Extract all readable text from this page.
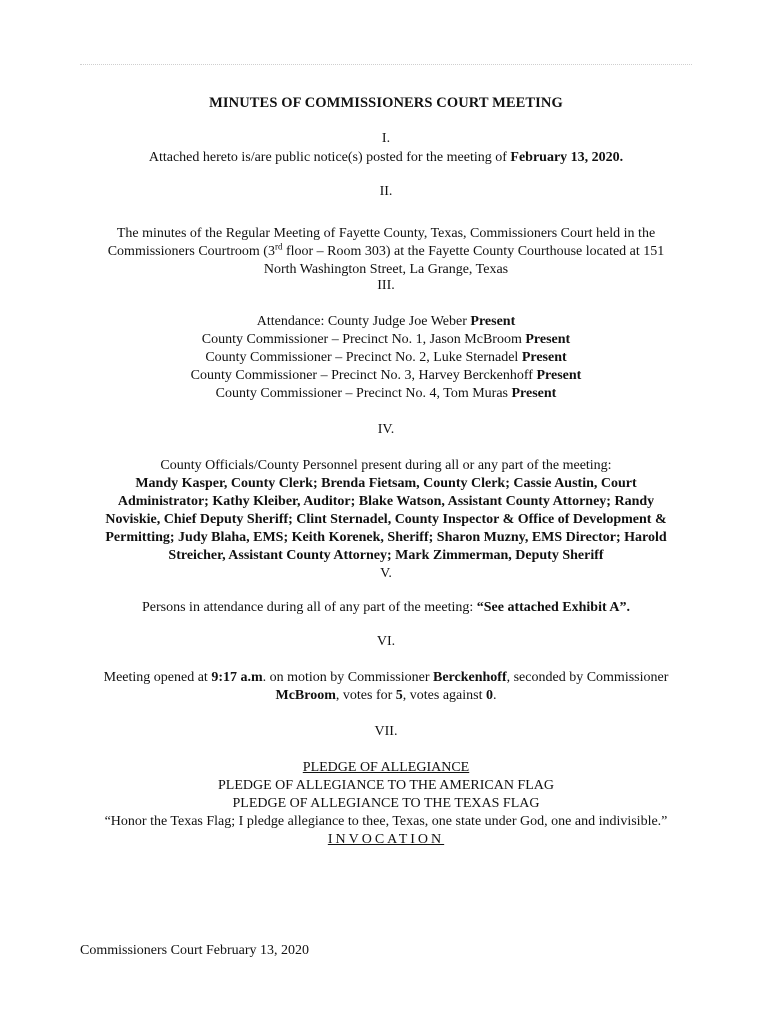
MINUTES OF COMMISSIONERS COURT MEETING

I.

Attached hereto is/are public notice(s) posted for the meeting of February 13, 2020.

II.

The minutes of the Regular Meeting of Fayette County, Texas, Commissioners Court held in the
Commissioners Courtroom (3rd floor – Room 303) at the Fayette County Courthouse located at 151
North Washington Street, La Grange, Texas

III.

Attendance: County Judge Joe Weber Present
County Commissioner – Precinct No. 1, Jason McBroom Present
County Commissioner – Precinct No. 2, Luke Sternadel Present
County Commissioner – Precinct No. 3, Harvey Berckenhoff Present
County Commissioner – Precinct No. 4, Tom Muras Present

IV.

County Officials/County Personnel present during all or any part of the meeting:

Mandy Kasper, County Clerk; Brenda Fietsam, County Clerk; Cassie Austin, Court
Administrator; Kathy Kleiber, Auditor; Blake Watson, Assistant County Attorney; Randy
Noviskie, Chief Deputy Sheriff; Clint Sternadel, County Inspector & Office of Development &
Permitting; Judy Blaha, EMS; Keith Korenek, Sheriff; Sharon Muzny, EMS Director; Harold
Streicher, Assistant County Attorney; Mark Zimmerman, Deputy Sheriff

V.

Persons in attendance during all of any part of the meeting: “See attached Exhibit A”.

VI.

Meeting opened at 9:17 a.m. on motion by Commissioner Berckenhoff, seconded by Commissioner
McBroom, votes for 5, votes against 0.

VII.

PLEDGE OF ALLEGIANCE
PLEDGE OF ALLEGIANCE TO THE AMERICAN FLAG
PLEDGE OF ALLEGIANCE TO THE TEXAS FLAG
“Honor the Texas Flag; I pledge allegiance to thee, Texas, one state under God, one and indivisible.”
INVOCATION
Commissioners Court February 13, 2020
